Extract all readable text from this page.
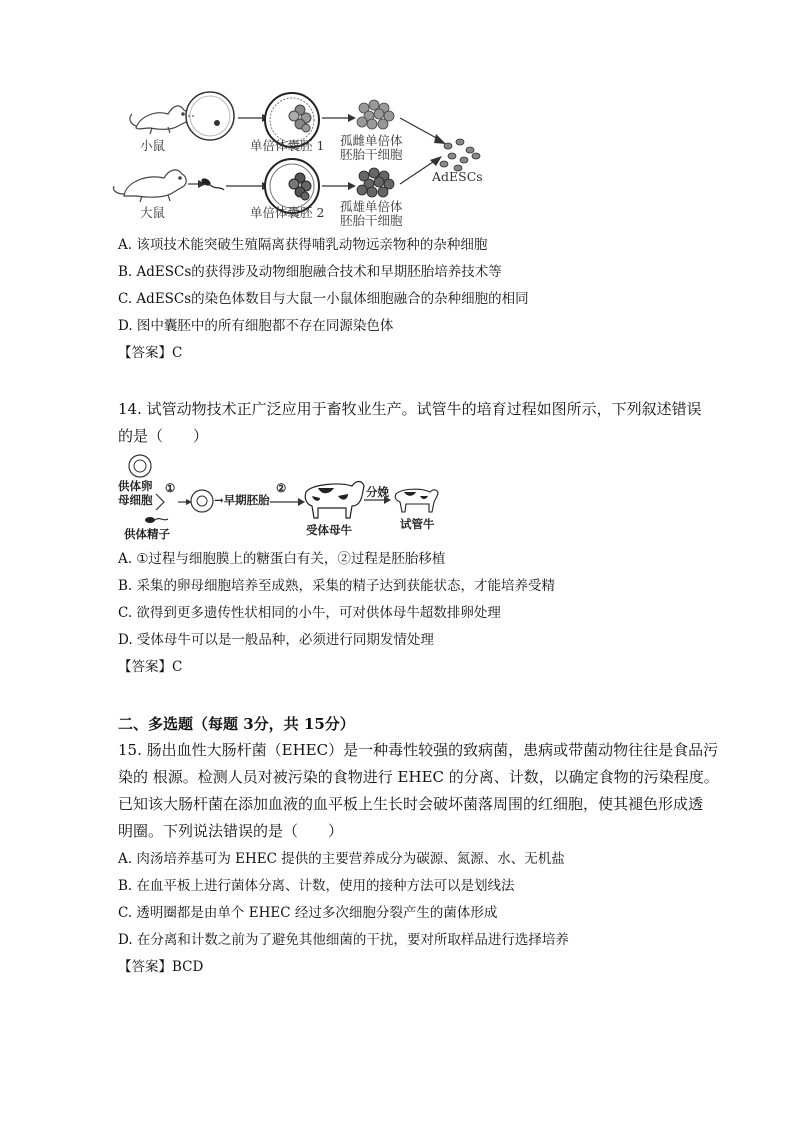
小鼠
大鼠
单倍体囊胚 1
单倍体囊胚 2
孤雌单倍体
胚胎干细胞
孤雄单倍体
胚胎干细胞
AdESCs
A. 该项技术能突破生殖隔离获得哺乳动物远亲物种的杂种细胞
B. AdESCs的获得涉及动物细胞融合技术和早期胚胎培养技术等
C. AdESCs的染色体数目与大鼠一小鼠体细胞融合的杂种细胞的相同
D. 图中囊胚中的所有细胞都不存在同源染色体
【答案】C
14. 试管动物技术正广泛应用于畜牧业生产。试管牛的培育过程如图所示，下列叙述错误
的是（　　）
供体卵
母细胞
①
→早期胚胎
②	分娩
供体精子	受体母牛	试管牛
A. ①过程与细胞膜上的糖蛋白有关，②过程是胚胎移植
B. 采集的卵母细胞培养至成熟，采集的精子达到获能状态，才能培养受精
C. 欲得到更多遗传性状相同的小牛，可对供体母牛超数排卵处理
D. 受体母牛可以是一般品种，必须进行同期发情处理
【答案】C
二、多选题（每题 3分，共 15分）
15. 肠出血性大肠杆菌（EHEC）是一种毒性较强的致病菌，患病或带菌动物往往是食品污
染的 根源。检测人员对被污染的食物进行 EHEC 的分离、计数，以确定食物的污染程度。
已知该大肠杆菌在添加血液的血平板上生长时会破坏菌落周围的红细胞，使其褪色形成透
明圈。下列说法错误的是（　　）
A. 肉汤培养基可为 EHEC 提供的主要营养成分为碳源、氮源、水、无机盐
B. 在血平板上进行菌体分离、计数，使用的接种方法可以是划线法
C. 透明圈都是由单个 EHEC 经过多次细胞分裂产生的菌体形成
D. 在分离和计数之前为了避免其他细菌的干扰，要对所取样品进行选择培养
【答案】BCD
